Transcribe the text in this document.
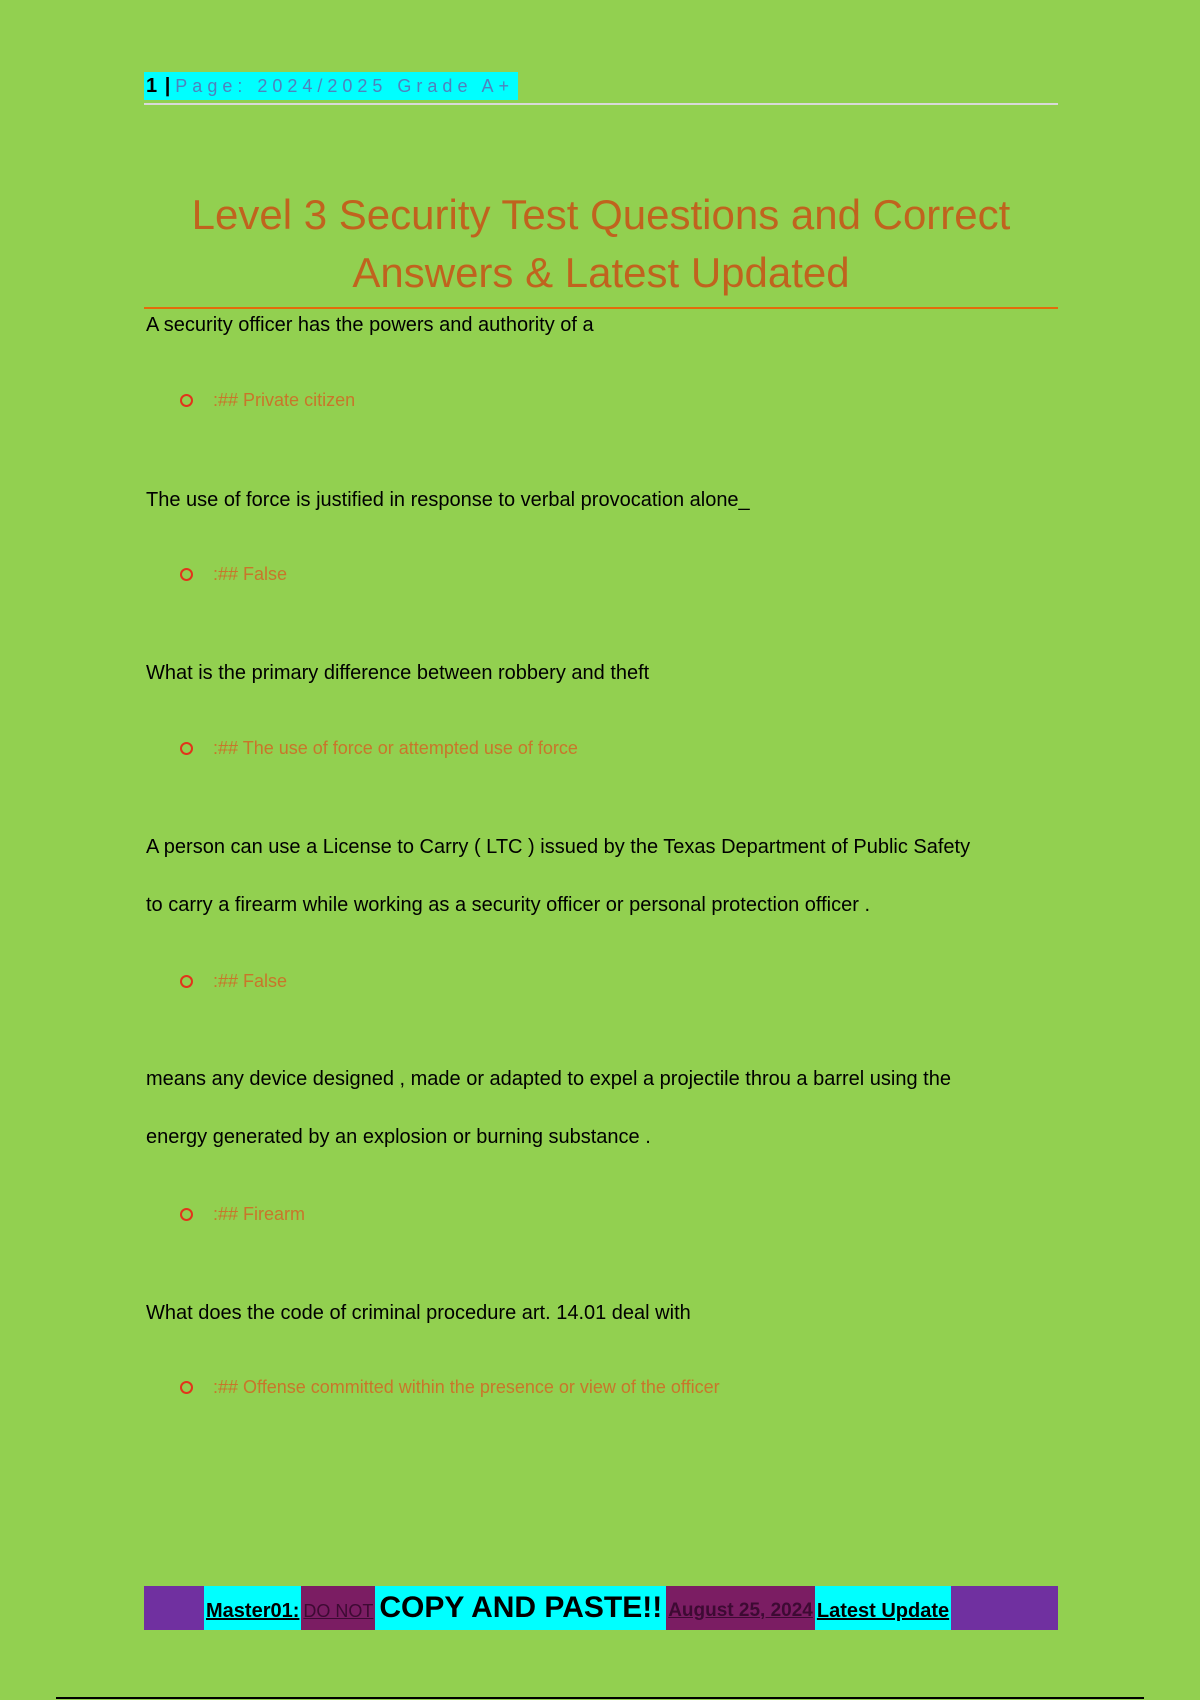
1 | Page: 2024/2025 Grade A+
Level 3 Security Test Questions and Correct
Answers & Latest Updated
A security officer has the powers and authority of a
:## Private citizen
The use of force is justified in response to verbal provocation alone_
:## False
What is the primary difference between robbery and theft
:## The use of force or attempted use of force
A person can use a License to Carry ( LTC ) issued by the Texas Department of Public Safety
to carry a firearm while working as a security officer or personal protection officer .
:## False
means any device designed , made or adapted to expel a projectile throu a barrel using the
energy generated by an explosion or burning substance .
:## Firearm
What does the code of criminal procedure art. 14.01 deal with
:## Offense committed within the presence or view of the officer
Master01: DO NOT COPY AND PASTE!! August 25, 2024 Latest Update
